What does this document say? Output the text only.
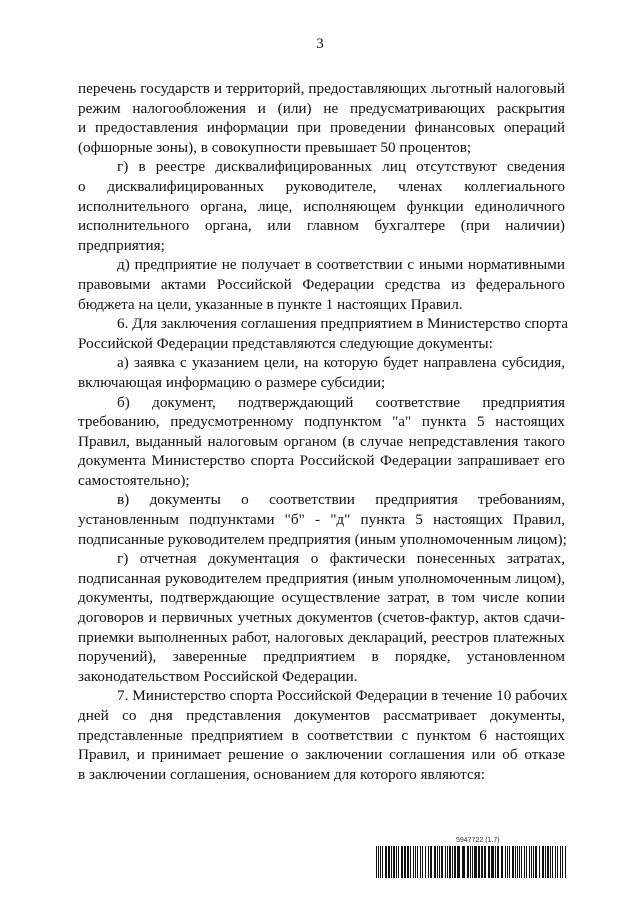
3
перечень государств и территорий, предоставляющих льготный налоговый
режим налогообложения и (или) не предусматривающих раскрытия
и предоставления информации при проведении финансовых операций
(офшорные зоны), в совокупности превышает 50 процентов;
г) в реестре дисквалифицированных лиц отсутствуют сведения
о дисквалифицированных руководителе, членах коллегиального
исполнительного органа, лице, исполняющем функции единоличного
исполнительного органа, или главном бухгалтере (при наличии)
предприятия;
д) предприятие не получает в соответствии с иными нормативными
правовыми актами Российской Федерации средства из федерального
бюджета на цели, указанные в пункте 1 настоящих Правил.
6. Для заключения соглашения предприятием в Министерство спорта
Российской Федерации представляются следующие документы:
а) заявка с указанием цели, на которую будет направлена субсидия,
включающая информацию о размере субсидии;
б) документ, подтверждающий соответствие предприятия
требованию, предусмотренному подпунктом "а" пункта 5 настоящих
Правил, выданный налоговым органом (в случае непредставления такого
документа Министерство спорта Российской Федерации запрашивает его
самостоятельно);
в) документы о соответствии предприятия требованиям,
установленным подпунктами "б" - "д" пункта 5 настоящих Правил,
подписанные руководителем предприятия (иным уполномоченным лицом);
г) отчетная документация о фактически понесенных затратах,
подписанная руководителем предприятия (иным уполномоченным лицом),
документы, подтверждающие осуществление затрат, в том числе копии
договоров и первичных учетных документов (счетов-фактур, актов сдачи-
приемки выполненных работ, налоговых деклараций, реестров платежных
поручений), заверенные предприятием в порядке, установленном
законодательством Российской Федерации.
7. Министерство спорта Российской Федерации в течение 10 рабочих
дней со дня представления документов рассматривает документы,
представленные предприятием в соответствии с пунктом 6 настоящих
Правил, и принимает решение о заключении соглашения или об отказе
в заключении соглашения, основанием для которого являются:
5947722 (1.7)
